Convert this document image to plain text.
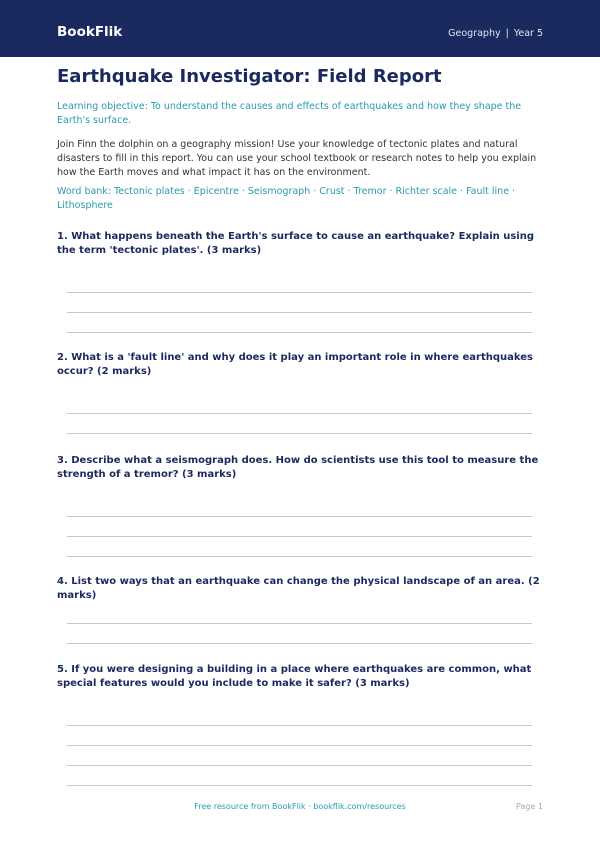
BookFlik	Geography | Year 5
Earthquake Investigator: Field Report
Learning objective: To understand the causes and effects of earthquakes and how they shape the Earth's surface.
Join Finn the dolphin on a geography mission! Use your knowledge of tectonic plates and natural disasters to fill in this report. You can use your school textbook or research notes to help you explain how the Earth moves and what impact it has on the environment.
Word bank: Tectonic plates · Epicentre · Seismograph · Crust · Tremor · Richter scale · Fault line · Lithosphere
1. What happens beneath the Earth's surface to cause an earthquake? Explain using the term 'tectonic plates'. (3 marks)
2. What is a 'fault line' and why does it play an important role in where earthquakes occur? (2 marks)
3. Describe what a seismograph does. How do scientists use this tool to measure the strength of a tremor? (3 marks)
4. List two ways that an earthquake can change the physical landscape of an area. (2 marks)
5. If you were designing a building in a place where earthquakes are common, what special features would you include to make it safer? (3 marks)
Free resource from BookFlik · bookflik.com/resources	Page 1
